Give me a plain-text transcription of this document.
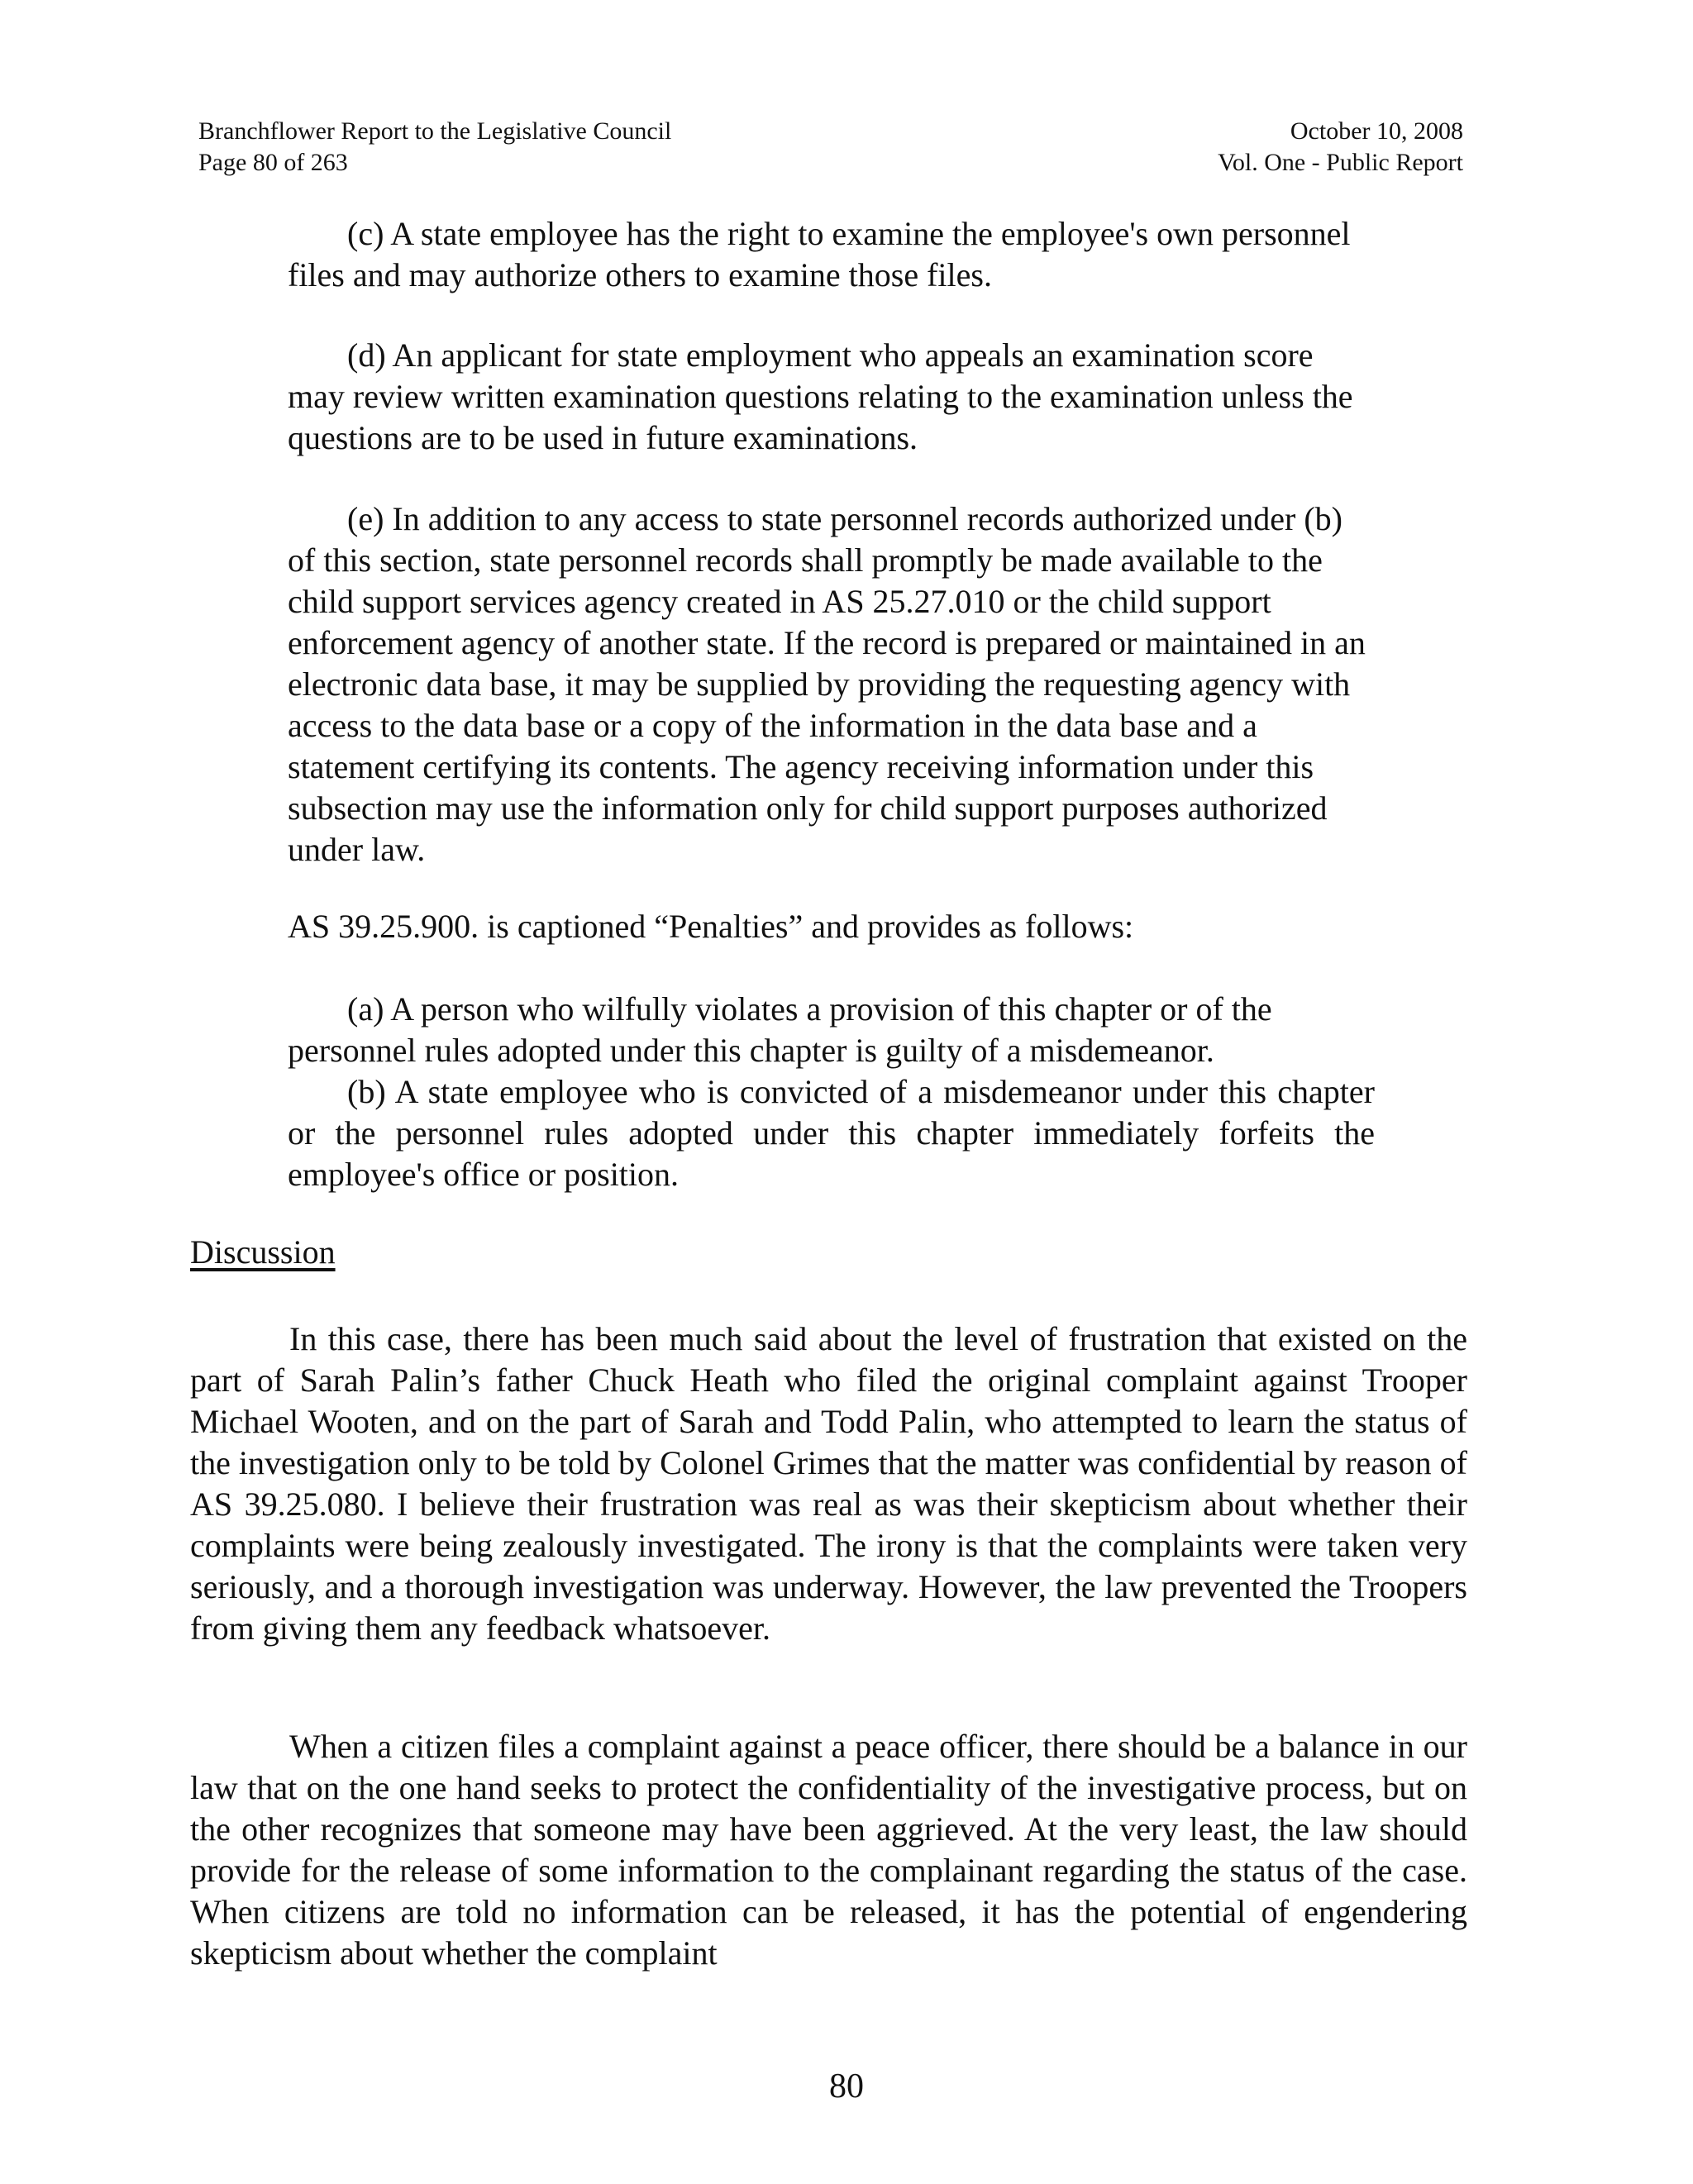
Branchflower Report to the Legislative Council
Page 80 of 263
October 10, 2008
Vol. One - Public Report
(c) A state employee has the right to examine the employee's own personnel files and may authorize others to examine those files.
(d) An applicant for state employment who appeals an examination score may review written examination questions relating to the examination unless the questions are to be used in future examinations.
(e) In addition to any access to state personnel records authorized under (b) of this section, state personnel records shall promptly be made available to the child support services agency created in AS 25.27.010 or the child support enforcement agency of another state. If the record is prepared or maintained in an electronic data base, it may be supplied by providing the requesting agency with access to the data base or a copy of the information in the data base and a statement certifying its contents. The agency receiving information under this subsection may use the information only for child support purposes authorized under law.
AS 39.25.900. is captioned “Penalties” and provides as follows:
(a) A person who wilfully violates a provision of this chapter or of the personnel rules adopted under this chapter is guilty of a misdemeanor.
(b) A state employee who is convicted of a misdemeanor under this chapter or the personnel rules adopted under this chapter immediately forfeits the employee's office or position.
Discussion

In this case, there has been much said about the level of frustration that existed on the part of Sarah Palin’s father Chuck Heath who filed the original complaint against Trooper Michael Wooten, and on the part of Sarah and Todd Palin, who attempted to learn the status of the investigation only to be told by Colonel Grimes that the matter was confidential by reason of AS 39.25.080. I believe their frustration was real as was their skepticism about whether their complaints were being zealously investigated. The irony is that the complaints were taken very seriously, and a thorough investigation was underway. However, the law prevented the Troopers from giving them any feedback whatsoever.

When a citizen files a complaint against a peace officer, there should be a balance in our law that on the one hand seeks to protect the confidentiality of the investigative process, but on the other recognizes that someone may have been aggrieved. At the very least, the law should provide for the release of some information to the complainant regarding the status of the case. When citizens are told no information can be released, it has the potential of engendering skepticism about whether the complaint

80
